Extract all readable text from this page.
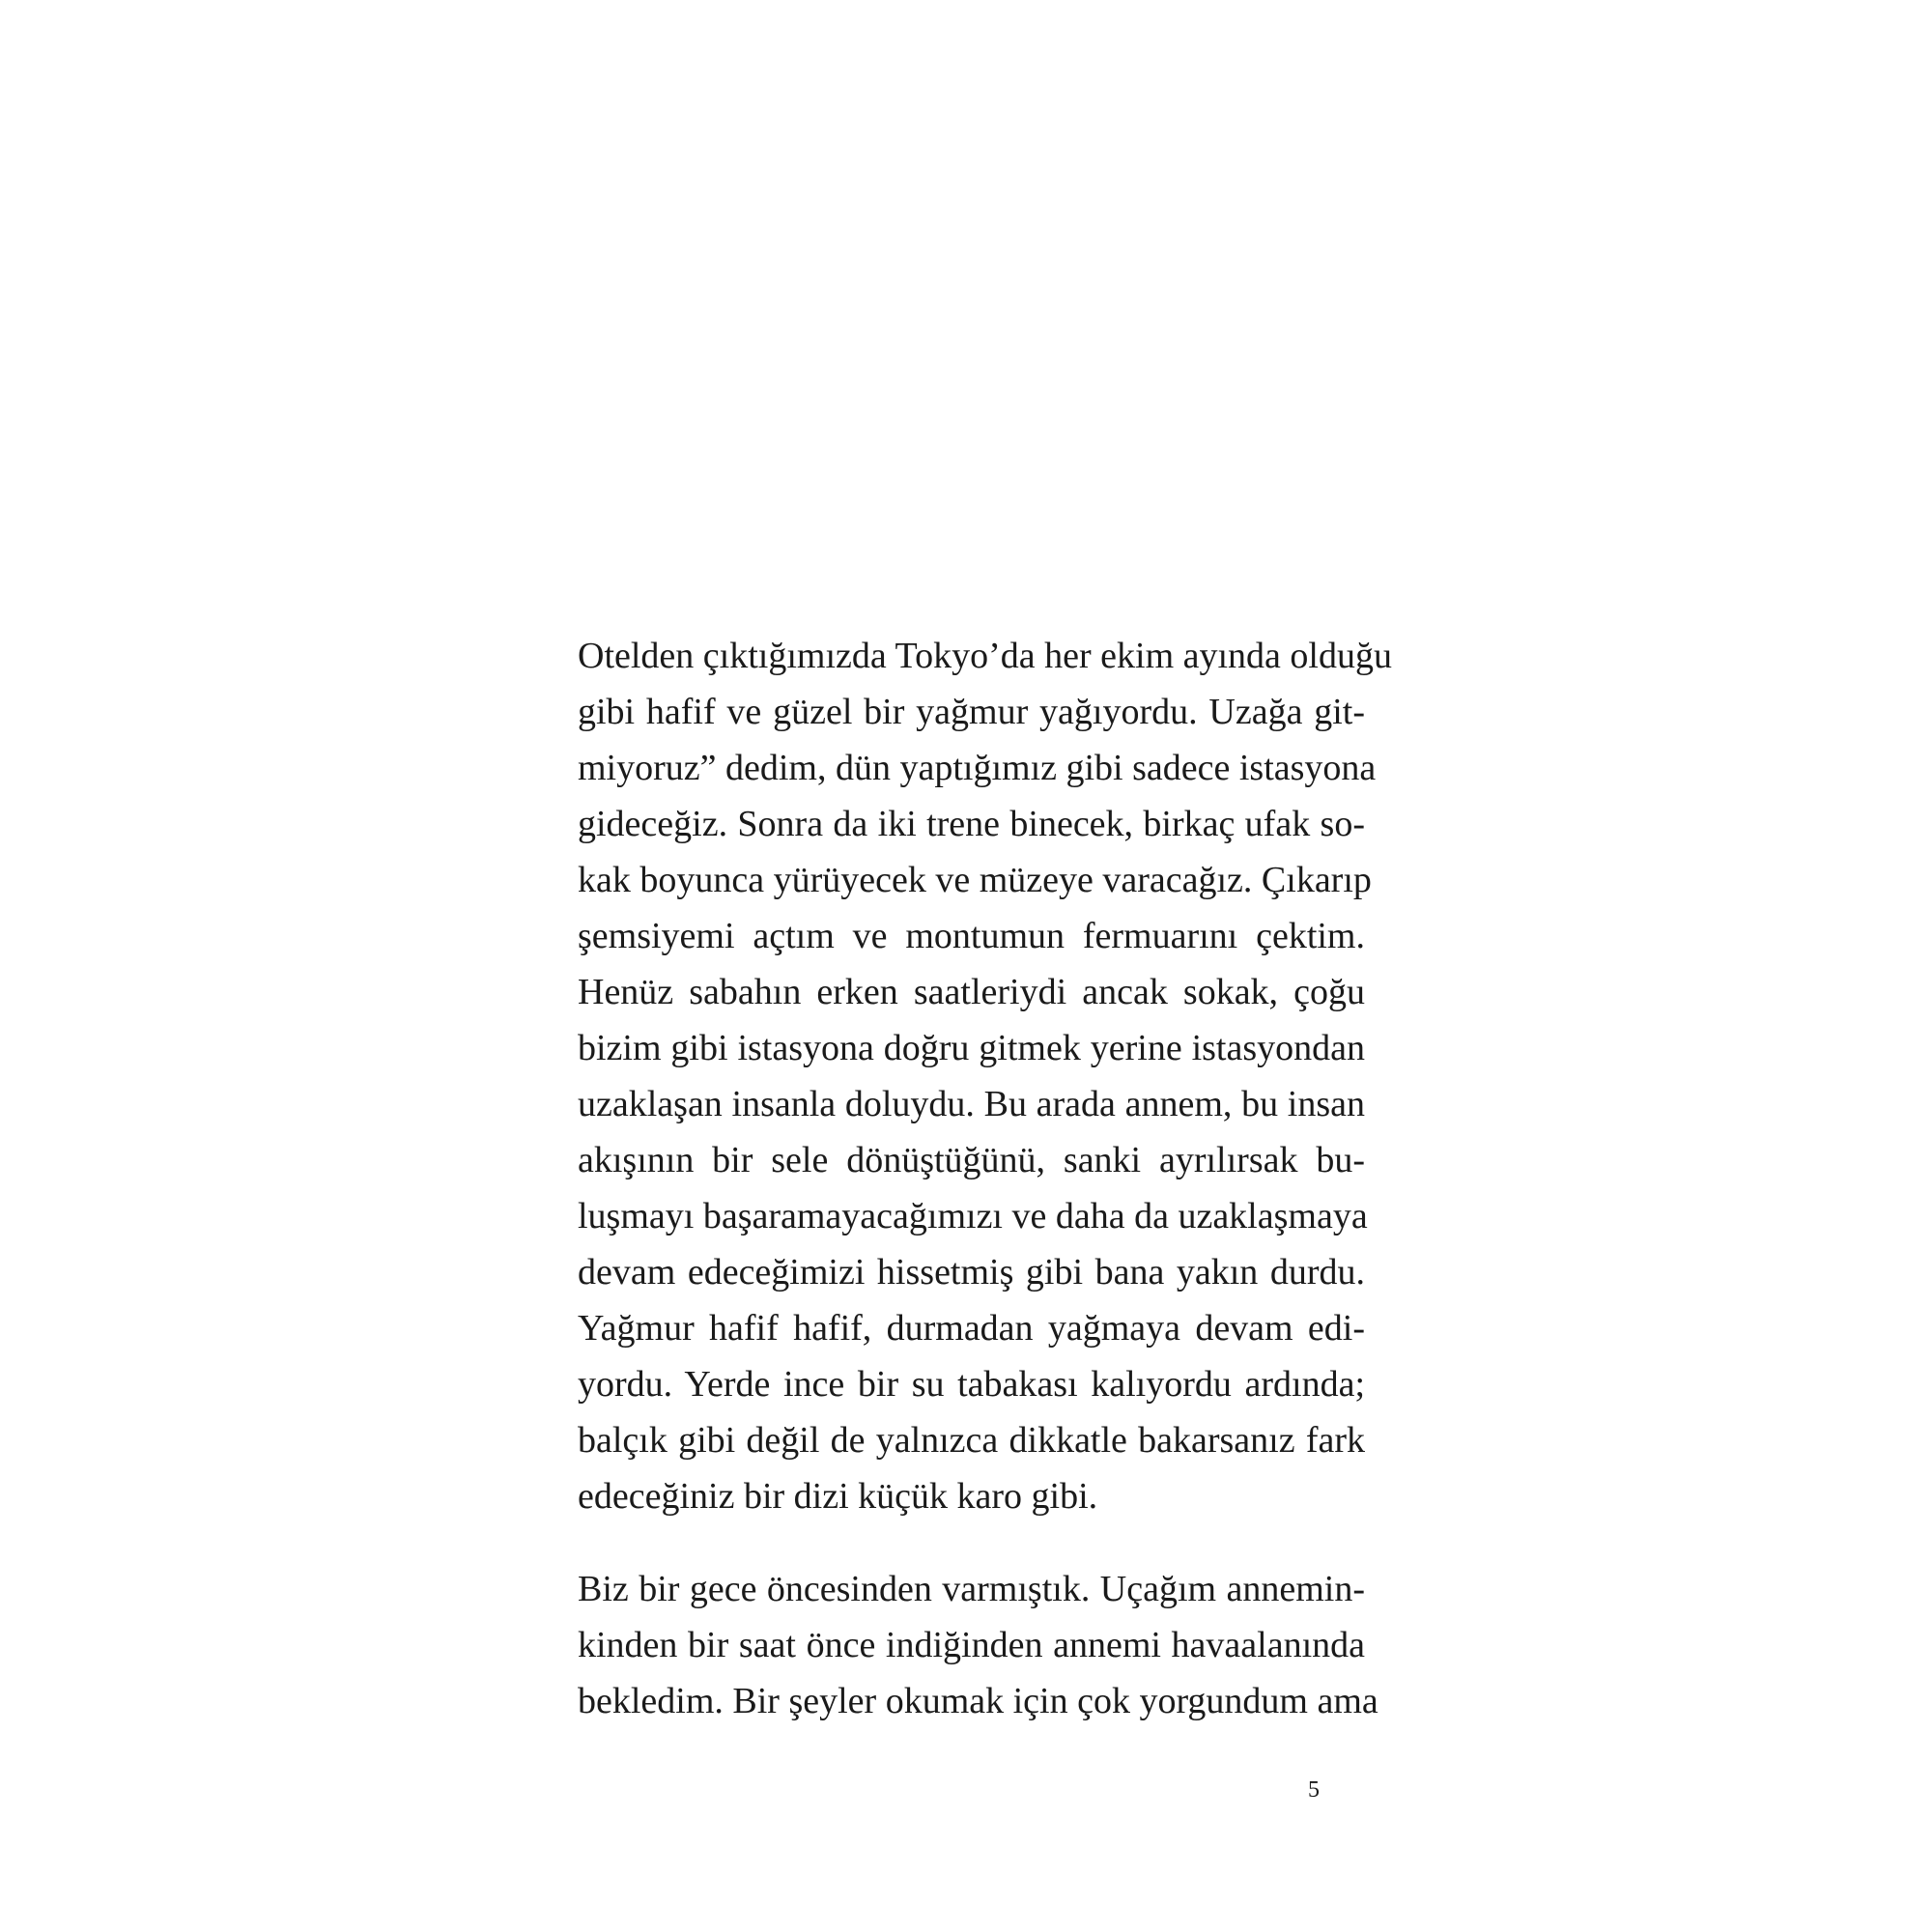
Otelden çıktığımızda Tokyo’da her ekim ayında olduğu
gibi hafif ve güzel bir yağmur yağıyordu. Uzağa git-
miyoruz” dedim, dün yaptığımız gibi sadece istasyona
gideceğiz. Sonra da iki trene binecek, birkaç ufak so-
kak boyunca yürüyecek ve müzeye varacağız. Çıkarıp
şemsiyemi açtım ve montumun fermuarını çektim.
Henüz sabahın erken saatleriydi ancak sokak, çoğu
bizim gibi istasyona doğru gitmek yerine istasyondan
uzaklaşan insanla doluydu. Bu arada annem, bu insan
akışının bir sele dönüştüğünü, sanki ayrılırsak bu-
luşmayı başaramayacağımızı ve daha da uzaklaşmaya
devam edeceğimizi hissetmiş gibi bana yakın durdu.
Yağmur hafif hafif, durmadan yağmaya devam edi-
yordu. Yerde ince bir su tabakası kalıyordu ardında;
balçık gibi değil de yalnızca dikkatle bakarsanız fark
edeceğiniz bir dizi küçük karo gibi.
Biz bir gece öncesinden varmıştık. Uçağım annemin-
kinden bir saat önce indiğinden annemi havaalanında
bekledim. Bir şeyler okumak için çok yorgundum ama
5
